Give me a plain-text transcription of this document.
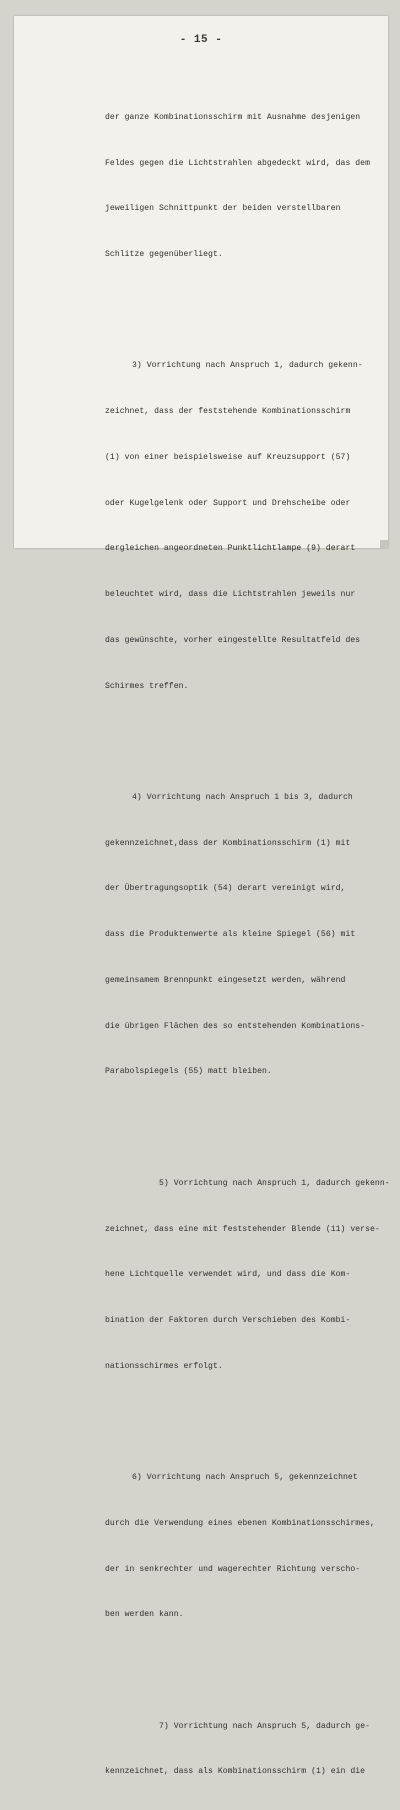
- 15 -

der ganze Kombinationsschirm mit Ausnahme desjenigen

Feldes gegen die Lichtstrahlen abgedeckt wird, das dem

jeweiligen Schnittpunkt der beiden verstellbaren

Schlitze gegenüberliegt.

3) Vorrichtung nach Anspruch 1, dadurch gekenn-

zeichnet, dass der feststehende Kombinationsschirm

(1) von einer beispielsweise auf Kreuzsupport (57)

oder Kugelgelenk oder Support und Drehscheibe oder

dergleichen angeordneten Punktlichtlampe (9) derart

beleuchtet wird, dass die Lichtstrahlen jeweils nur

das gewünschte, vorher eingestellte Resultatfeld des

Schirmes treffen.

4) Vorrichtung nach Anspruch 1 bis 3, dadurch

gekennzeichnet,dass der Kombinationsschirm (1) mit

der Übertragungsoptik (54) derart vereinigt wird,

dass die Produktenwerte als kleine Spiegel (56) mit

gemeinsamem Brennpunkt eingesetzt werden, während

die übrigen Flächen des so entstehenden Kombinations-

Parabolspiegels (55) matt bleiben.

5) Vorrichtung nach Anspruch 1, dadurch gekenn-

zeichnet, dass eine mit feststehender Blende (11) verse-

hene Lichtquelle verwendet wird, und dass die Kom-

bination der Faktoren durch Verschieben des Kombi-

nationsschirmes erfolgt.

6) Vorrichtung nach Anspruch 5, gekennzeichnet

durch die Verwendung eines ebenen Kombinationsschirmes,

der in senkrechter und wagerechter Richtung verscho-

ben werden kann.

7) Vorrichtung nach Anspruch 5, dadurch ge-

kennzeichnet, dass als Kombinationsschirm (1) ein die
